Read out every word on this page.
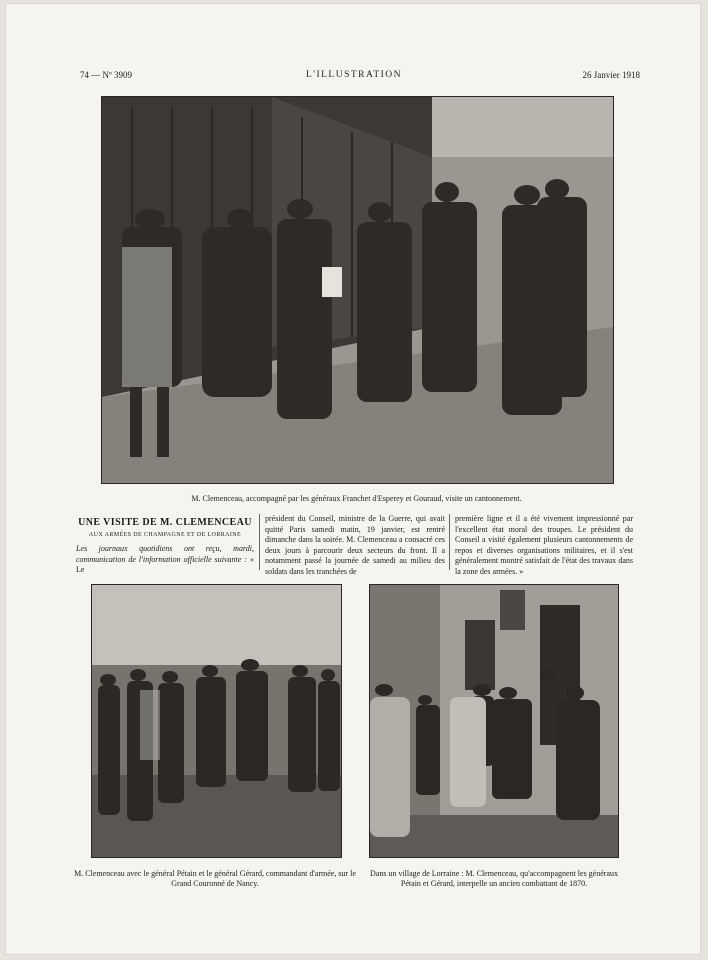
74 — Nº 3909	L'ILLUSTRATION	26 Janvier 1918
M. Clemenceau, accompagné par les généraux Franchet d'Esperey et Gouraud, visite un cantonnement.
UNE VISITE DE M. CLEMENCEAU
AUX ARMÉES DE CHAMPAGNE ET DE LORRAINE
Les journaux quotidiens ont reçu, mardi, communication de l'information officielle suivante : « Le
président du Conseil, ministre de la Guerre, qui avait quitté Paris samedi matin, 19 janvier, est rentré dimanche dans la soirée. M. Clemenceau a consacré ces deux jours à parcourir deux secteurs du front. Il a notamment passé la journée de samedi au milieu des soldats dans les tranchées de
première ligne et il a été vivement impressionné par l'excellent état moral des troupes. Le président du Conseil a visité également plusieurs cantonnements de repos et diverses organisations militaires, et il s'est généralement montré satisfait de l'état des travaux dans la zone des armées. »
M. Clemenceau avec le général Pétain et le général Gérard, commandant d'armée, sur le Grand Couronné de Nancy.
Dans un village de Lorraine : M. Clemenceau, qu'accompagnent les généraux Pétain et Gérard, interpelle un ancien combattant de 1870.
